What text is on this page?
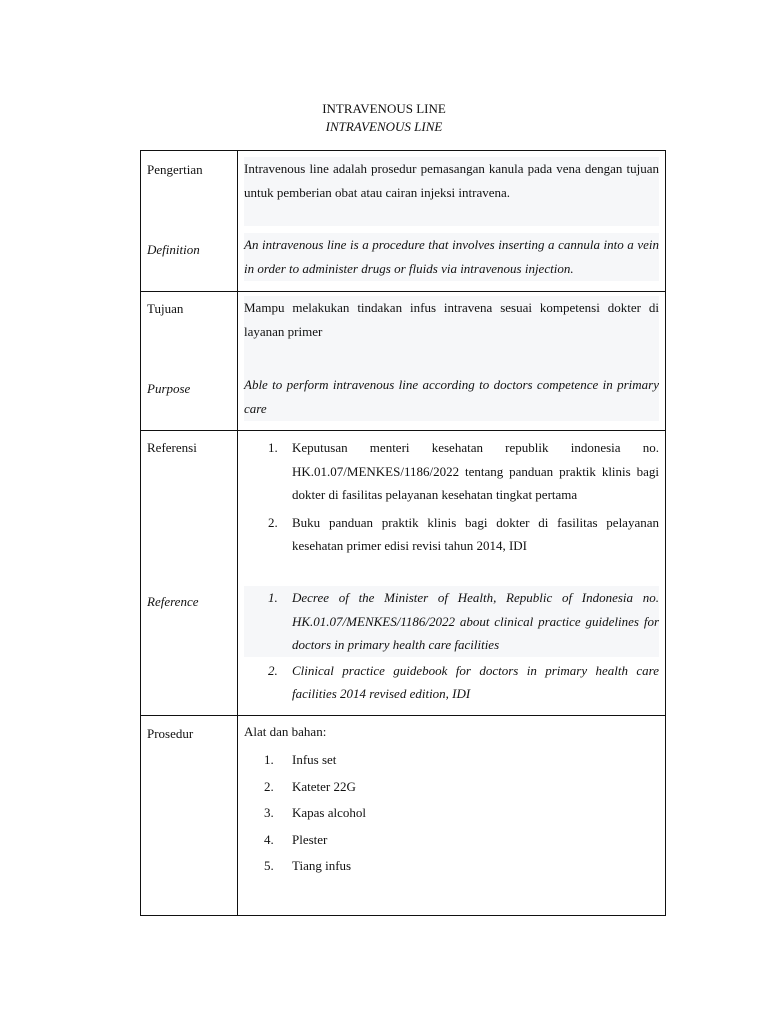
INTRAVENOUS LINE
INTRAVENOUS LINE
Pengertian
Definition
Intravenous line adalah prosedur pemasangan kanula pada vena dengan tujuan untuk pemberian obat atau cairan injeksi intravena.
An intravenous line is a procedure that involves inserting a cannula into a vein in order to administer drugs or fluids via intravenous injection.
Tujuan
Purpose
Mampu melakukan tindakan infus intravena sesuai kompetensi dokter di layanan primer
Able to perform intravenous line according to doctors competence in primary care
Referensi
Reference
1. Keputusan menteri kesehatan republik indonesia no. HK.01.07/MENKES/1186/2022 tentang panduan praktik klinis bagi dokter di fasilitas pelayanan kesehatan tingkat pertama
2. Buku panduan praktik klinis bagi dokter di fasilitas pelayanan kesehatan primer edisi revisi tahun 2014, IDI
1. Decree of the Minister of Health, Republic of Indonesia no. HK.01.07/MENKES/1186/2022 about clinical practice guidelines for doctors in primary health care facilities
2. Clinical practice guidebook for doctors in primary health care facilities 2014 revised edition, IDI
Prosedur	Alat dan bahan:
1. Infus set
2. Kateter 22G
3. Kapas alcohol
4. Plester
5. Tiang infus
